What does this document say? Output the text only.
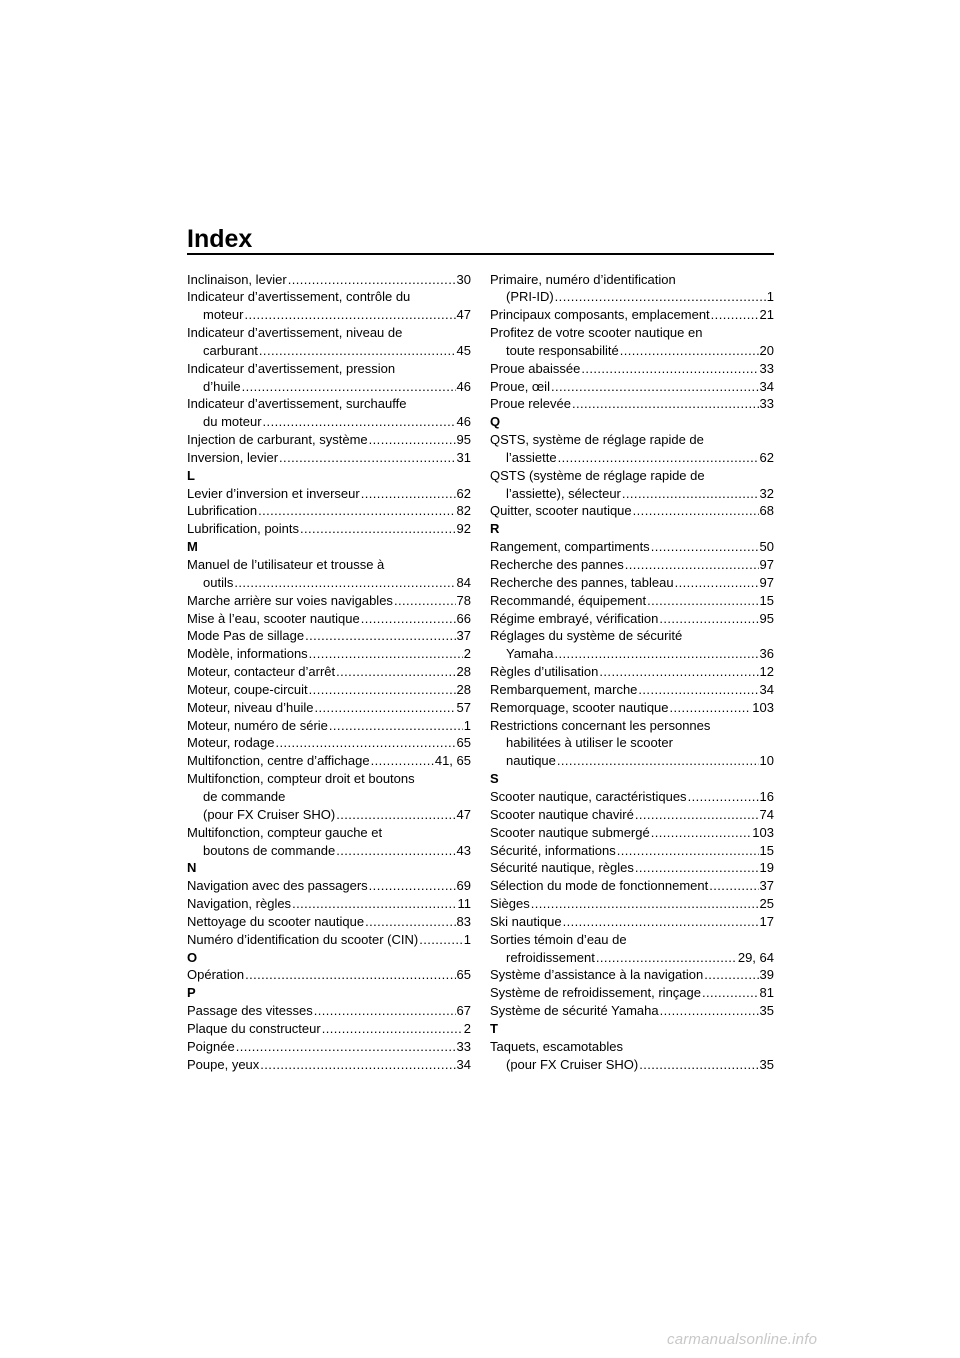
Index
Inclinaison, levier .....	30
Indicateur d’avertissement, contrôle du
moteur .....	47
Indicateur d’avertissement, niveau de
carburant .....	45
Indicateur d’avertissement, pression
d’huile .....	46
Indicateur d’avertissement, surchauffe
du moteur .....	46
Injection de carburant, système .....	95
Inversion, levier .....	31
L
Levier d’inversion et inverseur .....	62
Lubrification .....	82
Lubrification, points .....	92
M
Manuel de l’utilisateur et trousse à
outils .....	84
Marche arrière sur voies navigables .....	78
Mise à l’eau, scooter nautique .....	66
Mode Pas de sillage .....	37
Modèle, informations .....	2
Moteur, contacteur d’arrêt .....	28
Moteur, coupe-circuit .....	28
Moteur, niveau d’huile .....	57
Moteur, numéro de série .....	1
Moteur, rodage .....	65
Multifonction, centre d’affichage .....	41, 65
Multifonction, compteur droit et boutons
de commande
(pour FX Cruiser SHO) .....	47
Multifonction, compteur gauche et
boutons de commande .....	43
N
Navigation avec des passagers .....	69
Navigation, règles .....	11
Nettoyage du scooter nautique .....	83
Numéro d’identification du scooter (CIN) .....	1
O
Opération .....	65
P
Passage des vitesses .....	67
Plaque du constructeur .....	2
Poignée .....	33
Poupe, yeux .....	34
Primaire, numéro d’identification
(PRI-ID) .....	1
Principaux composants, emplacement .....	21
Profitez de votre scooter nautique en
toute responsabilité .....	20
Proue abaissée .....	33
Proue, œil .....	34
Proue relevée .....	33
Q
QSTS, système de réglage rapide de
l’assiette .....	62
QSTS (système de réglage rapide de
l’assiette), sélecteur .....	32
Quitter, scooter nautique .....	68
R
Rangement, compartiments .....	50
Recherche des pannes .....	97
Recherche des pannes, tableau .....	97
Recommandé, équipement .....	15
Régime embrayé, vérification .....	95
Réglages du système de sécurité
Yamaha .....	36
Règles d’utilisation .....	12
Rembarquement, marche .....	34
Remorquage, scooter nautique .....	103
Restrictions concernant les personnes
habilitées à utiliser le scooter
nautique .....	10
S
Scooter nautique, caractéristiques .....	16
Scooter nautique chaviré .....	74
Scooter nautique submergé .....	103
Sécurité, informations .....	15
Sécurité nautique, règles .....	19
Sélection du mode de fonctionnement .....	37
Sièges .....	25
Ski nautique .....	17
Sorties témoin d’eau de
refroidissement .....	29, 64
Système d’assistance à la navigation .....	39
Système de refroidissement, rinçage .....	81
Système de sécurité Yamaha .....	35
T
Taquets, escamotables
(pour FX Cruiser SHO) .....	35
carmanualsonline.info
